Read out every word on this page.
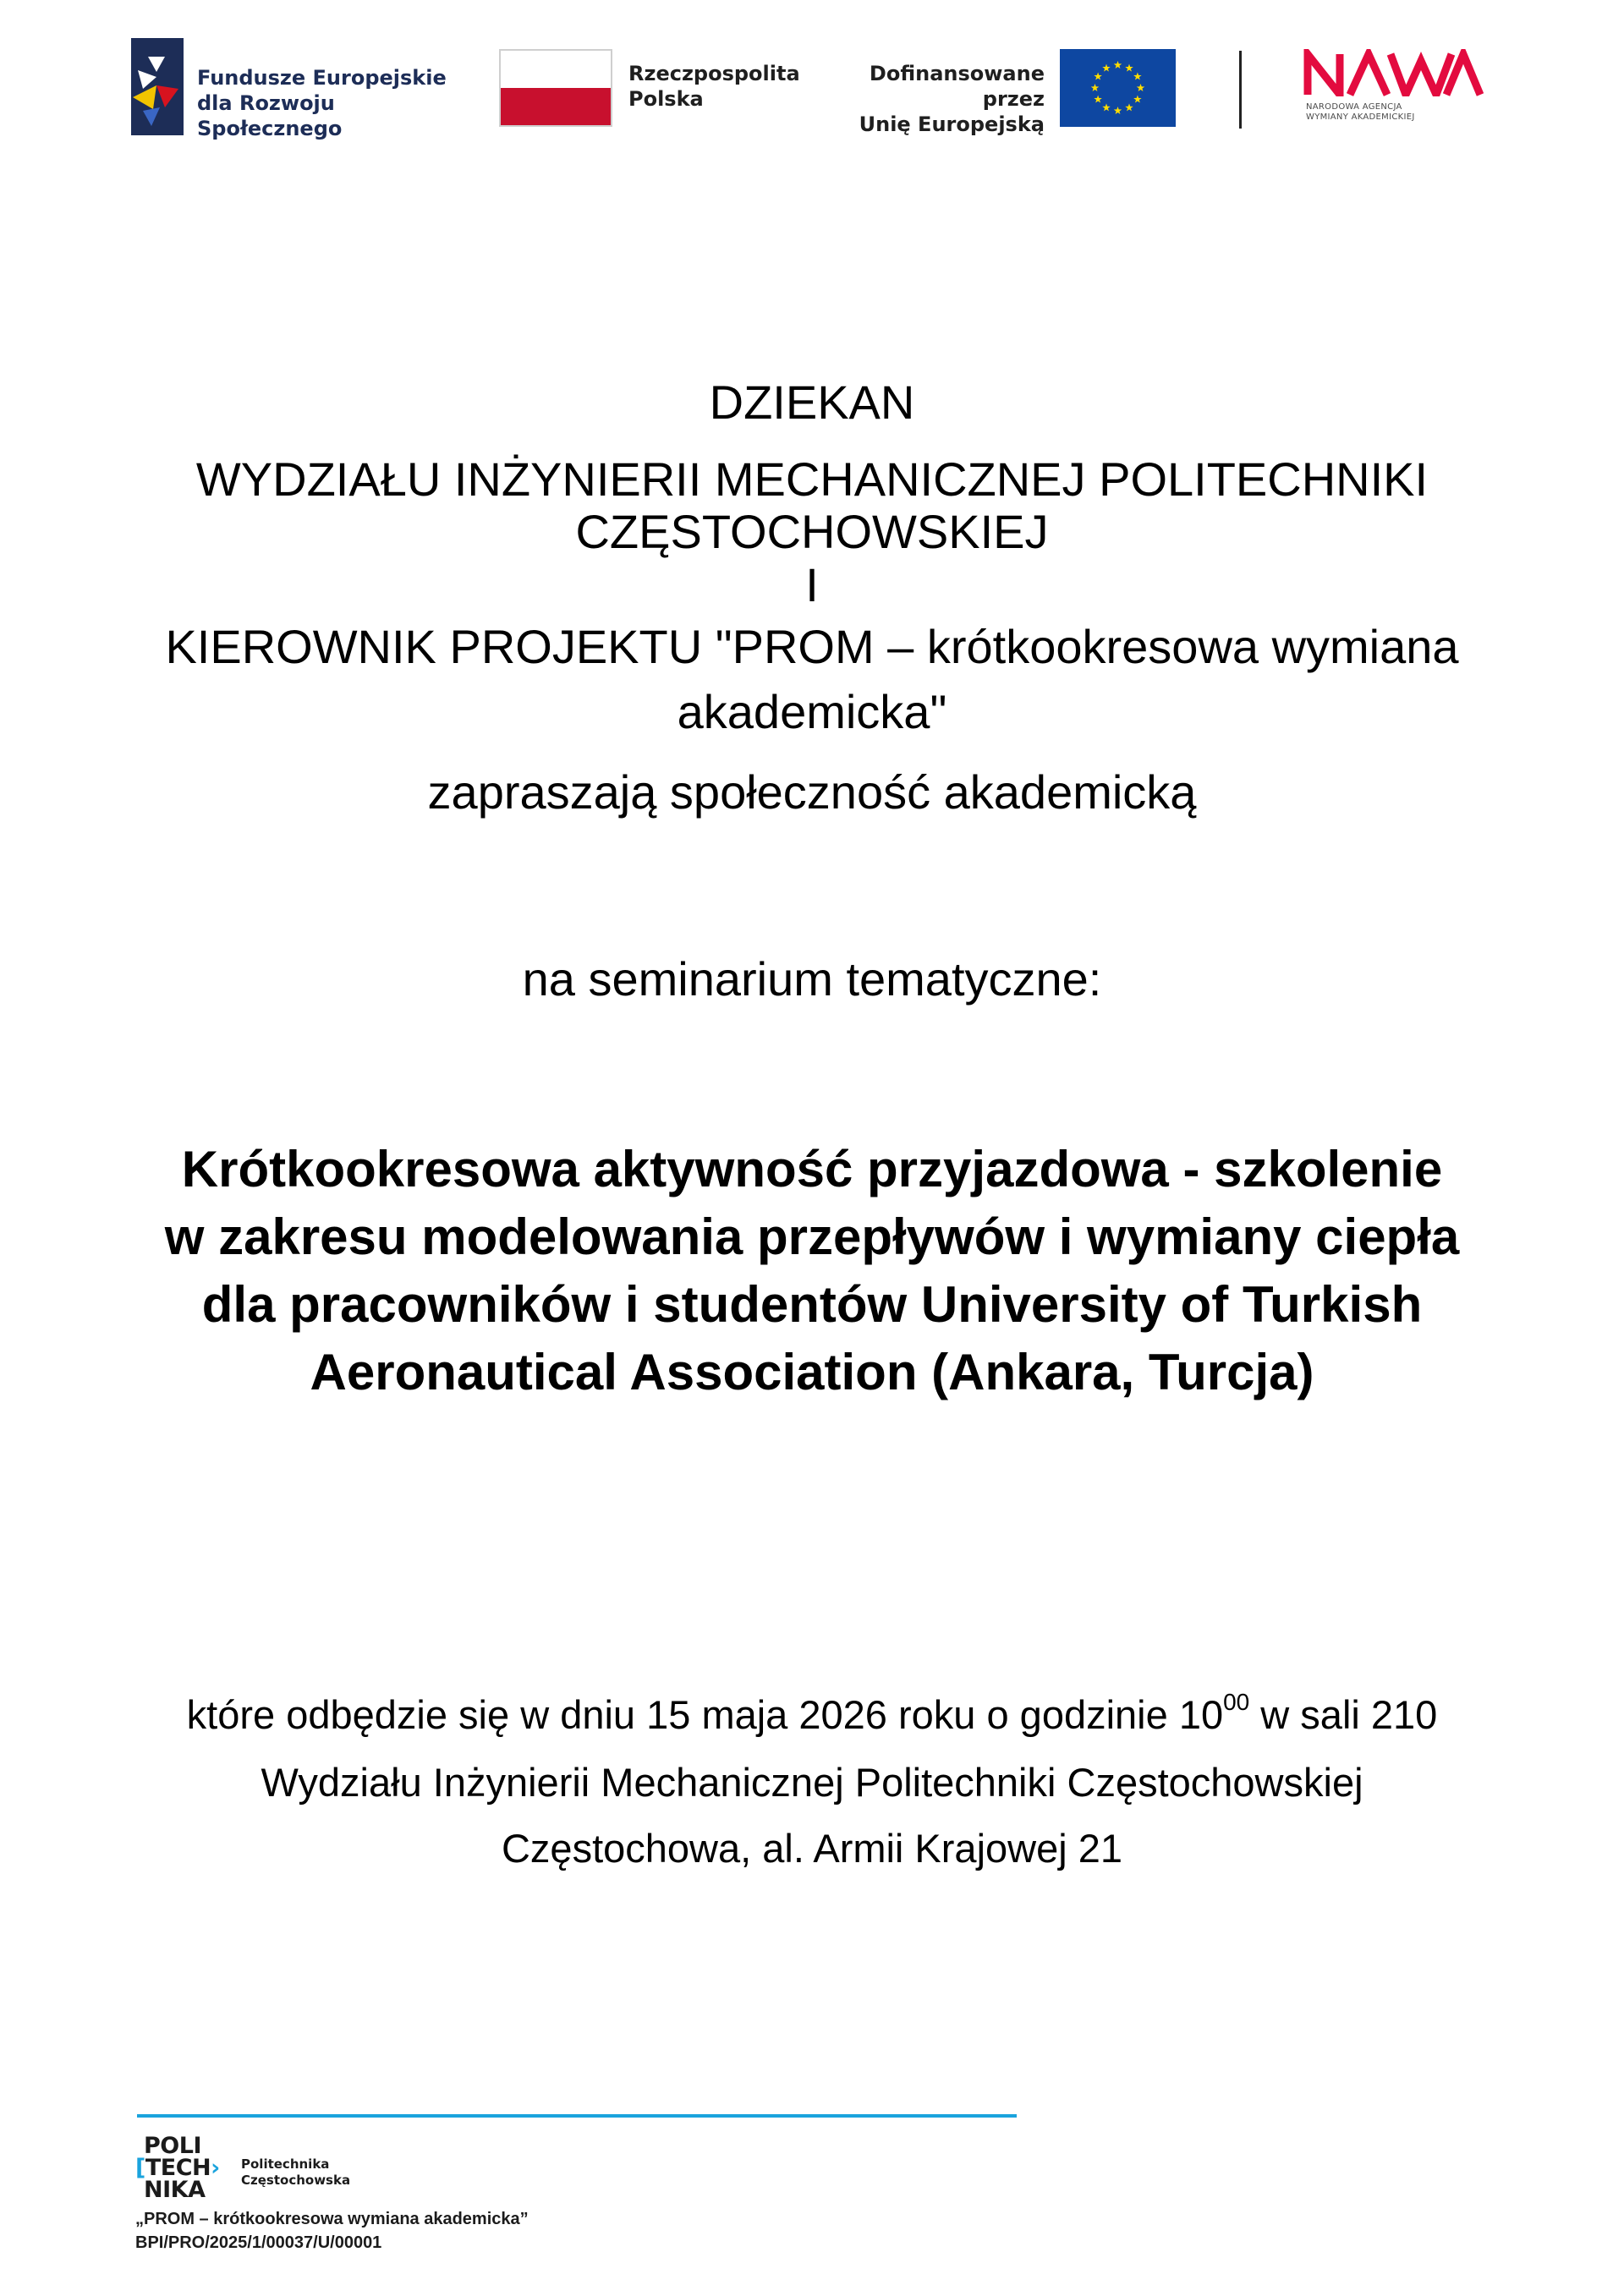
Fundusze Europejskie
dla Rozwoju Społecznego
Rzeczpospolita
Polska
Dofinansowane przez
Unię Europejską
NARODOWA AGENCJA
WYMIANY AKADEMICKIEJ
DZIEKAN
WYDZIAŁU INŻYNIERII MECHANICZNEJ POLITECHNIKI
CZĘSTOCHOWSKIEJ
I
KIEROWNIK PROJEKTU "PROM – krótkookresowa wymiana
akademicka"
zapraszają społeczność akademicką
na seminarium tematyczne:
Krótkookresowa aktywność przyjazdowa - szkolenie
w zakresu modelowania przepływów i wymiany ciepła
dla pracowników i studentów University of Turkish
Aeronautical Association (Ankara, Turcja)
które odbędzie się w dniu 15 maja 2026 roku o godzinie $10^{00}$ w sali 210
Wydziału Inżynierii Mechanicznej Politechniki Częstochowskiej
Częstochowa, al. Armii Krajowej 21
POLI
[TECH›
NIKA
Politechnika
Częstochowska
„PROM – krótkookresowa wymiana akademicka”
BPI/PRO/2025/1/00037/U/00001
